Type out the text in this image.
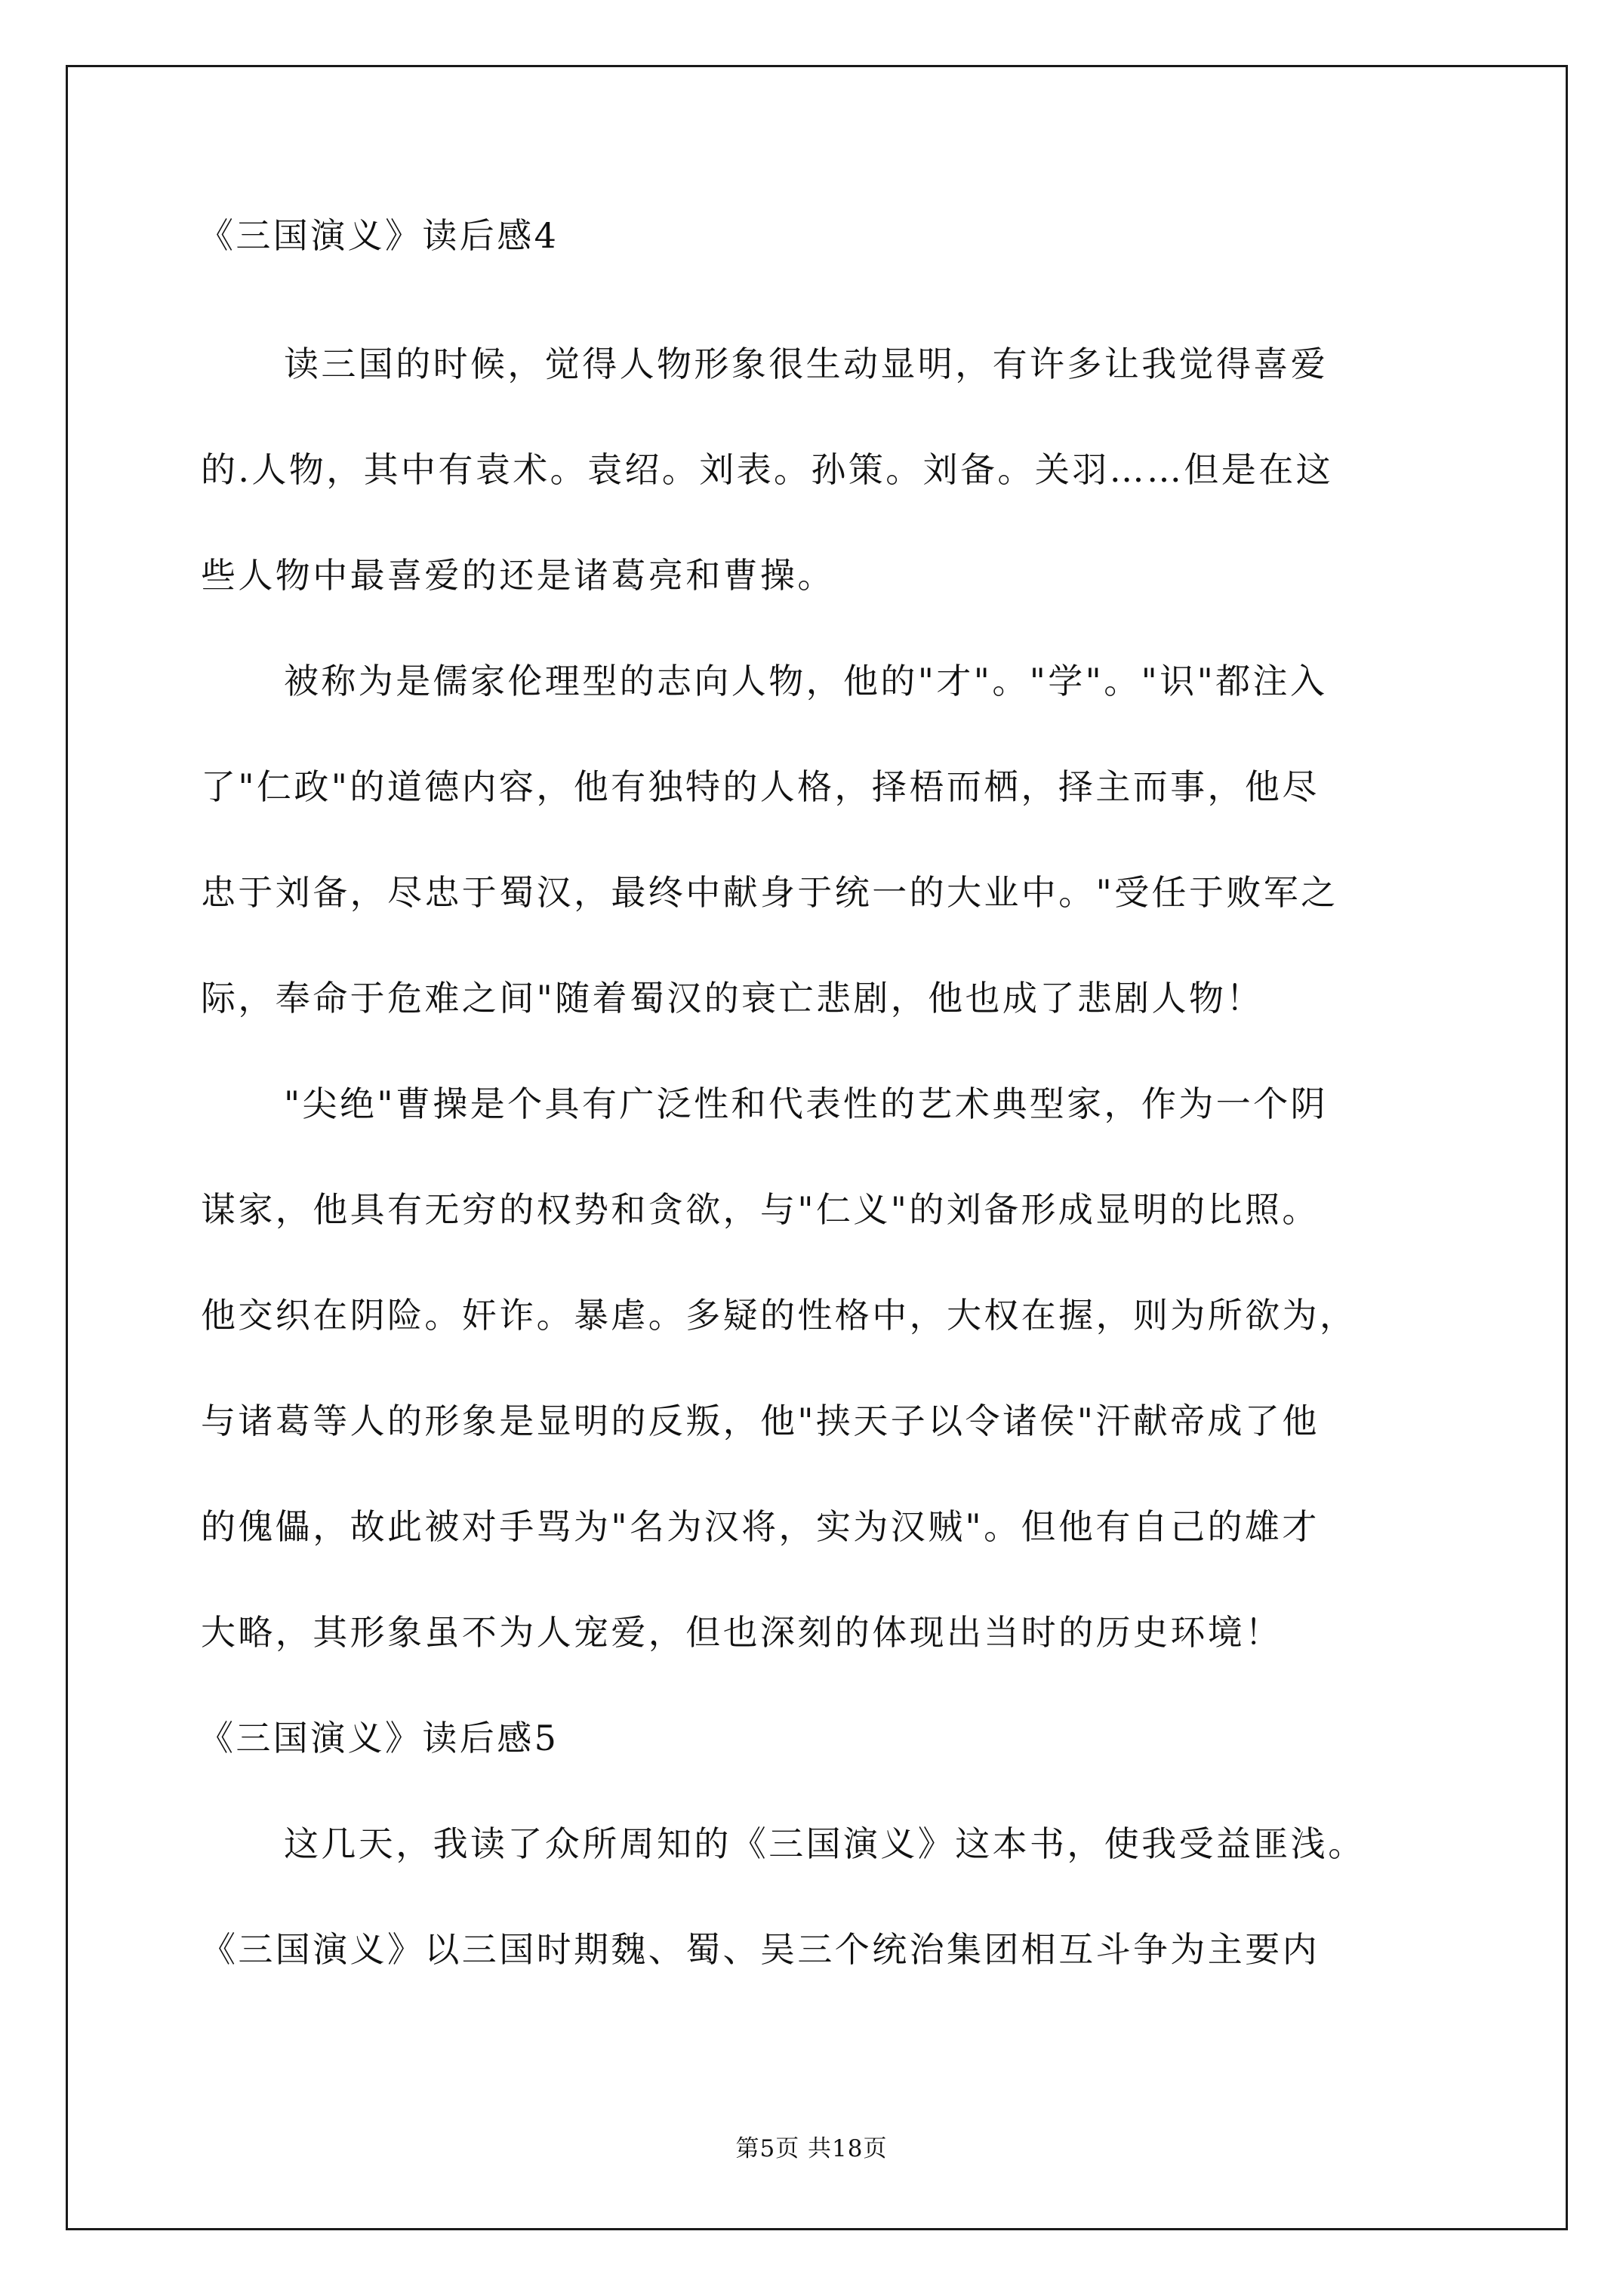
《三国演义》读后感4
读三国的时候，觉得人物形象很生动显明，有许多让我觉得喜爱
的.人物，其中有袁术。袁绍。刘表。孙策。刘备。关羽……但是在这
些人物中最喜爱的还是诸葛亮和曹操。
被称为是儒家伦理型的志向人物，他的"才"。"学"。"识"都注入
了"仁政"的道德内容，他有独特的人格，择梧而栖，择主而事，他尽
忠于刘备，尽忠于蜀汉，最终中献身于统一的大业中。"受任于败军之
际，奉命于危难之间"随着蜀汉的衰亡悲剧，他也成了悲剧人物！
"尖绝"曹操是个具有广泛性和代表性的艺术典型家，作为一个阴
谋家，他具有无穷的权势和贪欲，与"仁义"的刘备形成显明的比照。
他交织在阴险。奸诈。暴虐。多疑的性格中，大权在握，则为所欲为，
与诸葛等人的形象是显明的反叛，他"挟天子以令诸侯"汗献帝成了他
的傀儡，故此被对手骂为"名为汉将，实为汉贼"。但他有自己的雄才
大略，其形象虽不为人宠爱，但也深刻的体现出当时的历史环境！
《三国演义》读后感5
这几天，我读了众所周知的《三国演义》这本书，使我受益匪浅。
《三国演义》以三国时期魏、蜀、吴三个统治集团相互斗争为主要内
第5页 共18页
